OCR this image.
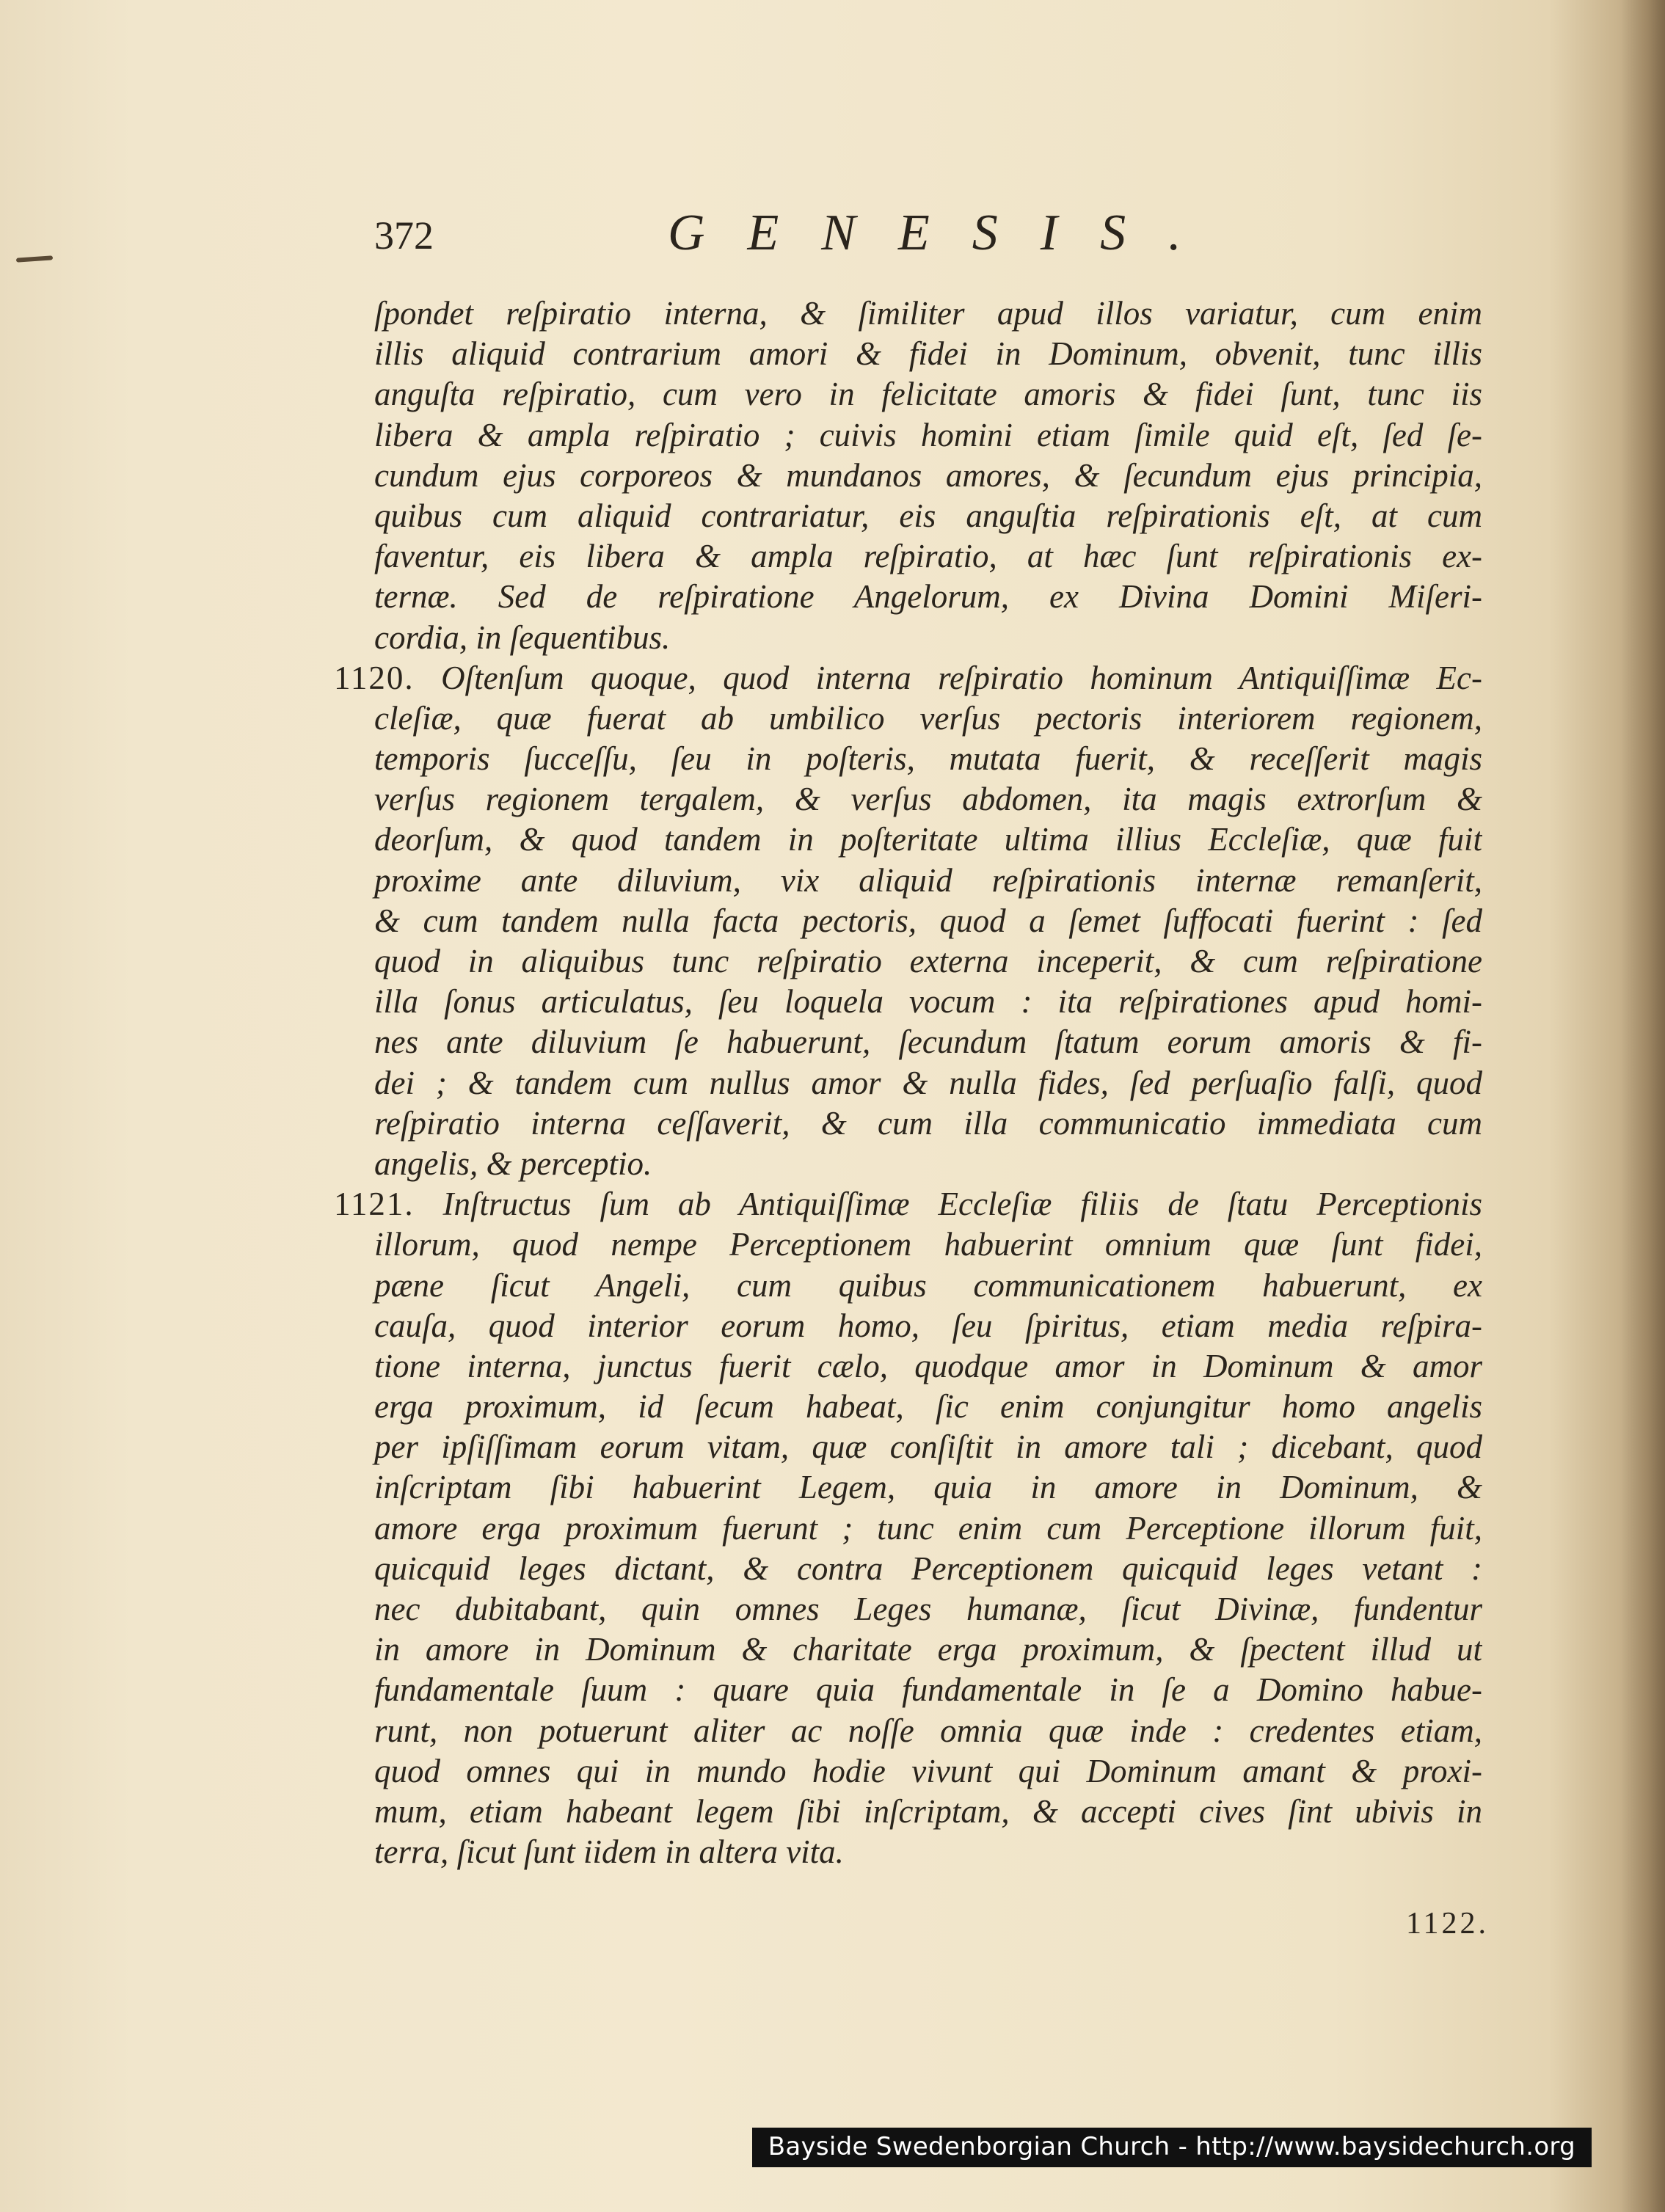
372	GENESIS.
ſpondet reſpiratio interna, & ſimiliter apud illos variatur, cum enim
illis aliquid contrarium amori & fidei in Dominum, obvenit, tunc illis
anguſta reſpiratio, cum vero in felicitate amoris & fidei ſunt, tunc iis
libera & ampla reſpiratio ; cuivis homini etiam ſimile quid eſt, ſed ſe-
cundum ejus corporeos & mundanos amores, & ſecundum ejus principia,
quibus cum aliquid contrariatur, eis anguſtia reſpirationis eſt, at cum
faventur, eis libera & ampla reſpiratio, at hæc ſunt reſpirationis ex-
ternæ. Sed de reſpiratione Angelorum, ex Divina Domini Miſeri-
cordia, in ſequentibus.
1120. Oſtenſum quoque, quod interna reſpiratio hominum Antiquiſſimæ Ec-
cleſiæ, quæ fuerat ab umbilico verſus pectoris interiorem regionem,
temporis ſucceſſu, ſeu in poſteris, mutata fuerit, & receſſerit magis
verſus regionem tergalem, & verſus abdomen, ita magis extrorſum &
deorſum, & quod tandem in poſteritate ultima illius Eccleſiæ, quæ fuit
proxime ante diluvium, vix aliquid reſpirationis internæ remanſerit,
& cum tandem nulla facta pectoris, quod a ſemet ſuffocati fuerint : ſed
quod in aliquibus tunc reſpiratio externa inceperit, & cum reſpiratione
illa ſonus articulatus, ſeu loquela vocum : ita reſpirationes apud homi-
nes ante diluvium ſe habuerunt, ſecundum ſtatum eorum amoris & fi-
dei ; & tandem cum nullus amor & nulla fides, ſed perſuaſio falſi, quod
reſpiratio interna ceſſaverit, & cum illa communicatio immediata cum
angelis, & perceptio.
1121. Inſtructus ſum ab Antiquiſſimæ Eccleſiæ filiis de ſtatu Perceptionis
illorum, quod nempe Perceptionem habuerint omnium quæ ſunt fidei,
pæne ſicut Angeli, cum quibus communicationem habuerunt, ex
cauſa, quod interior eorum homo, ſeu ſpiritus, etiam media reſpira-
tione interna, junctus fuerit cælo, quodque amor in Dominum & amor
erga proximum, id ſecum habeat, ſic enim conjungitur homo angelis
per ipſiſſimam eorum vitam, quæ conſiſtit in amore tali ; dicebant, quod
inſcriptam ſibi habuerint Legem, quia in amore in Dominum, &
amore erga proximum fuerunt ; tunc enim cum Perceptione illorum fuit,
quicquid leges dictant, & contra Perceptionem quicquid leges vetant :
nec dubitabant, quin omnes Leges humanæ, ſicut Divinæ, fundentur
in amore in Dominum & charitate erga proximum, & ſpectent illud ut
fundamentale ſuum : quare quia fundamentale in ſe a Domino habue-
runt, non potuerunt aliter ac noſſe omnia quæ inde : credentes etiam,
quod omnes qui in mundo hodie vivunt qui Dominum amant & proxi-
mum, etiam habeant legem ſibi inſcriptam, & accepti cives ſint ubivis in
terra, ſicut ſunt iidem in altera vita.
1122.
Bayside Swedenborgian Church - http://www.baysidechurch.org
